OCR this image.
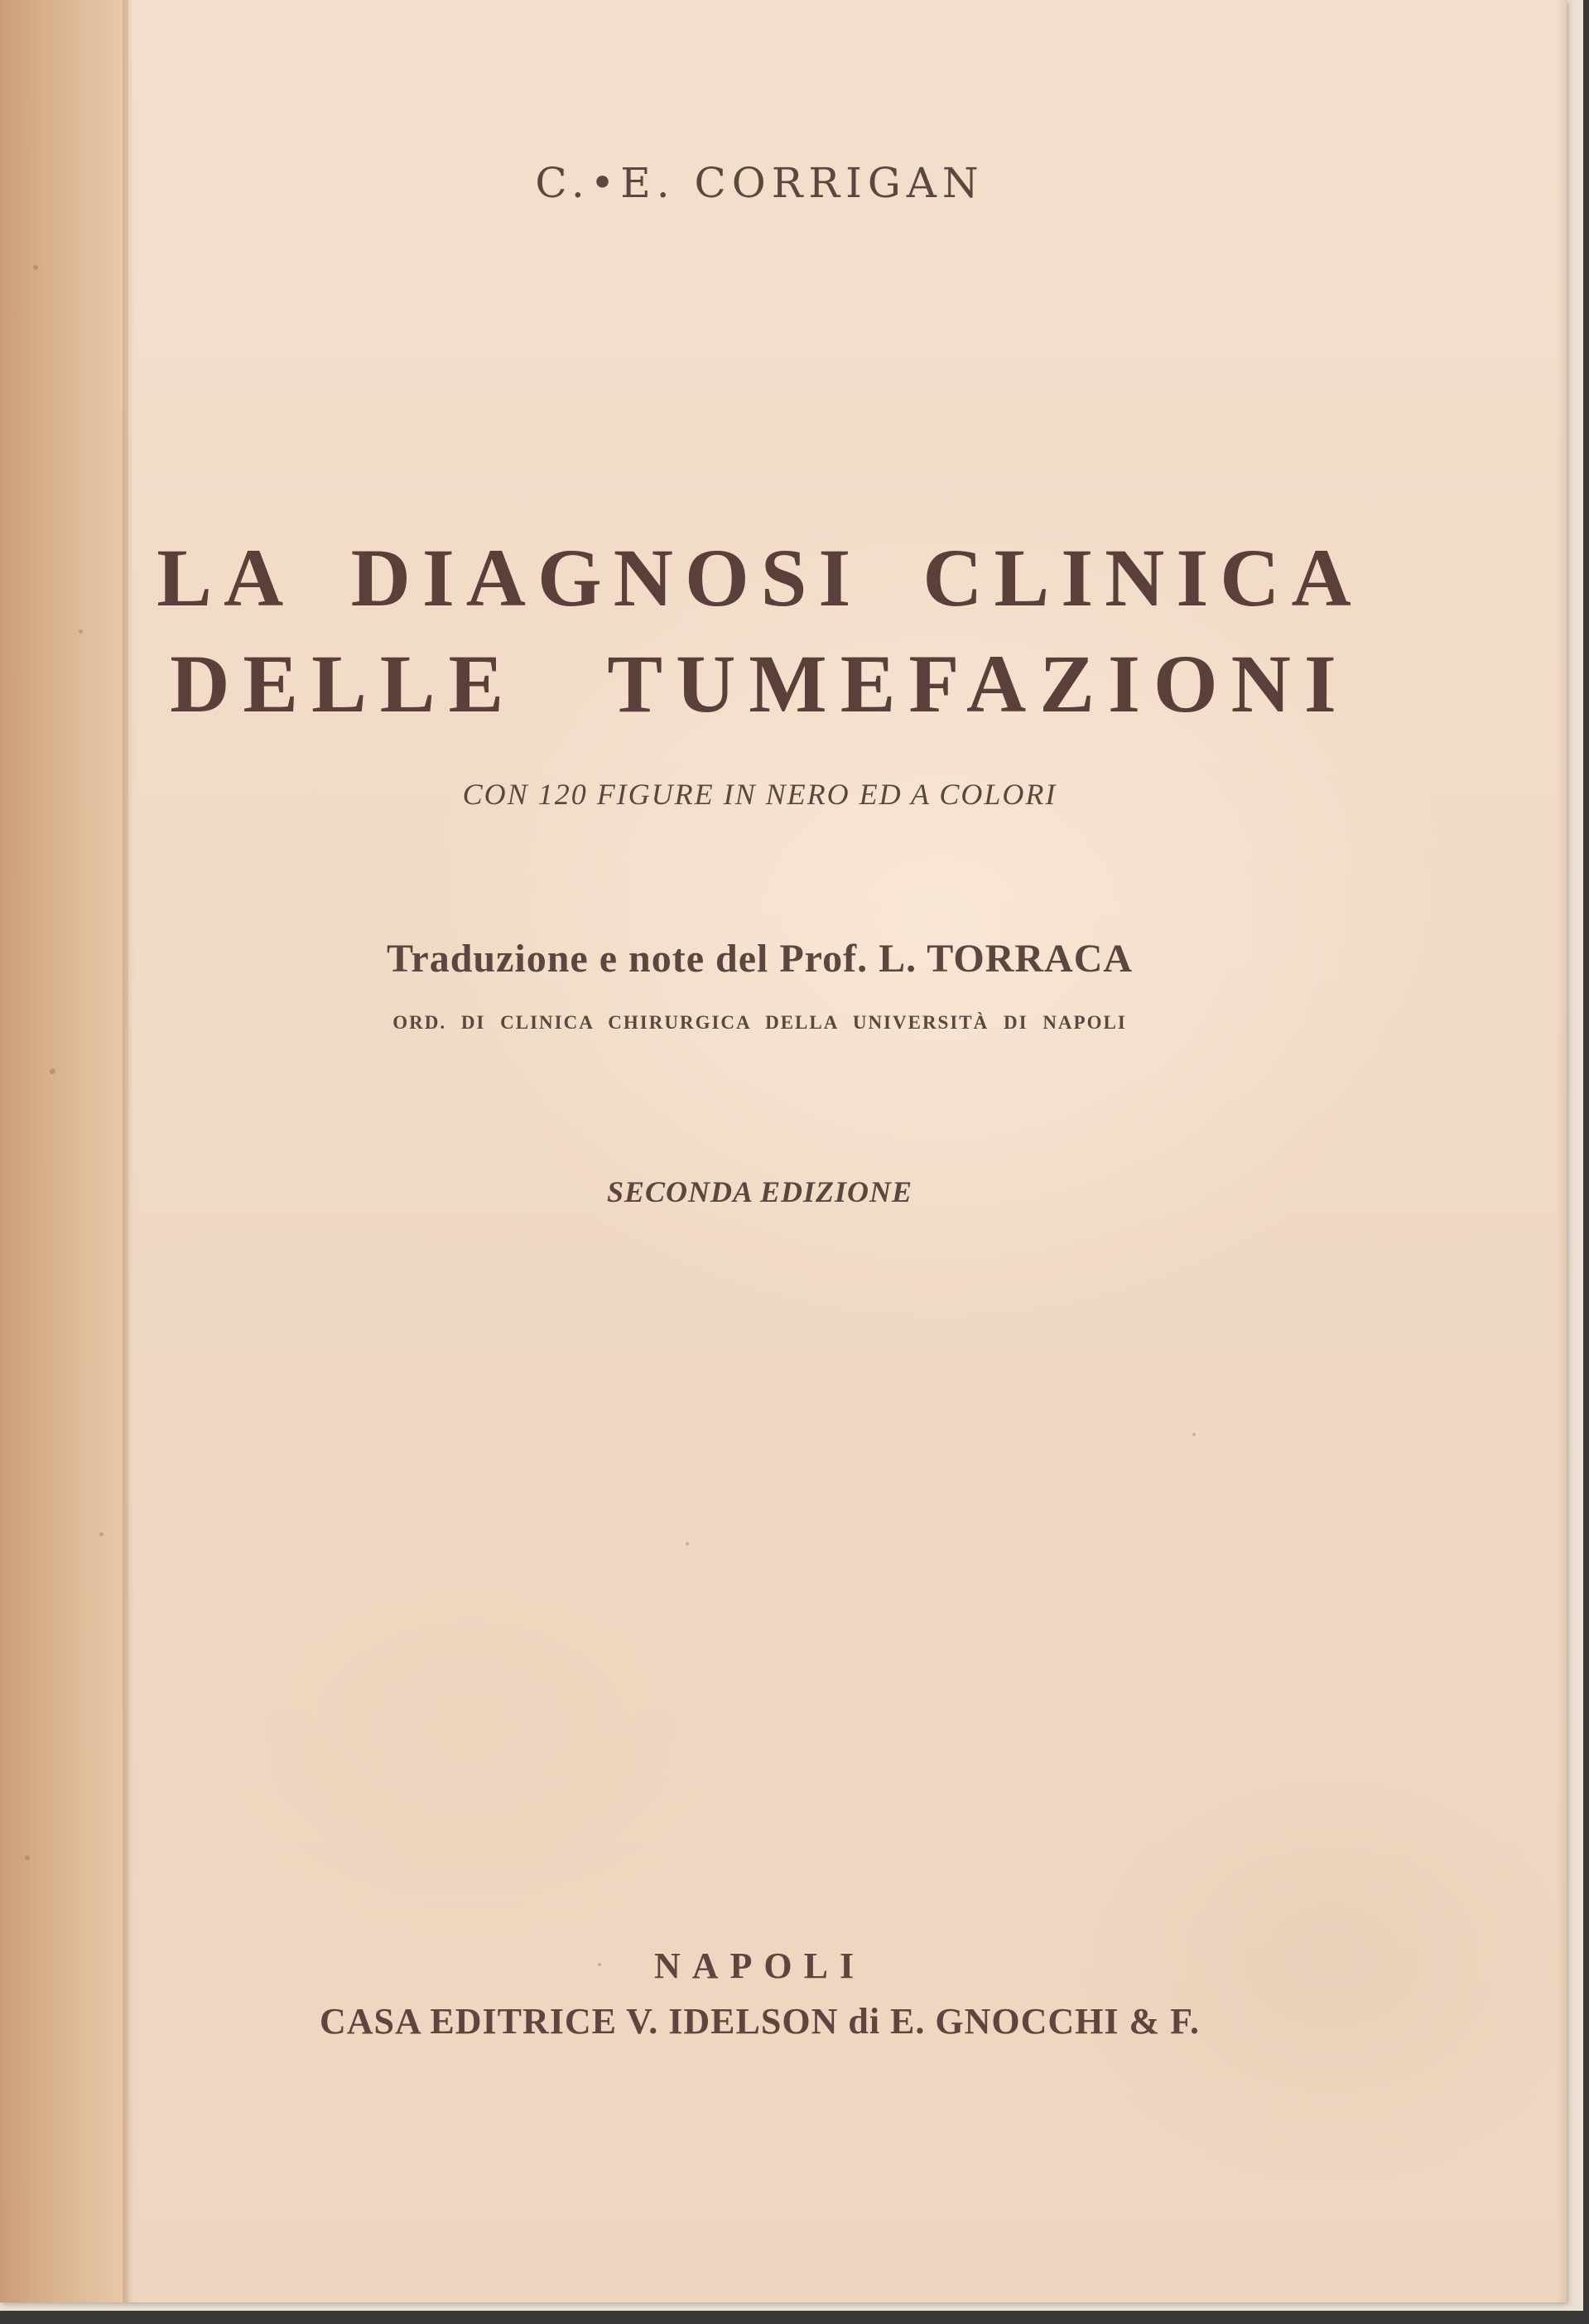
C.•E. CORRIGAN
LA DIAGNOSI CLINICA
DELLE TUMEFAZIONI
CON 120 FIGURE IN NERO ED A COLORI
Traduzione e note del Prof. L. TORRACA
ORD. DI CLINICA CHIRURGICA DELLA UNIVERSITÀ DI NAPOLI
SECONDA EDIZIONE
NAPOLI
CASA EDITRICE V. IDELSON di E. GNOCCHI & F.
